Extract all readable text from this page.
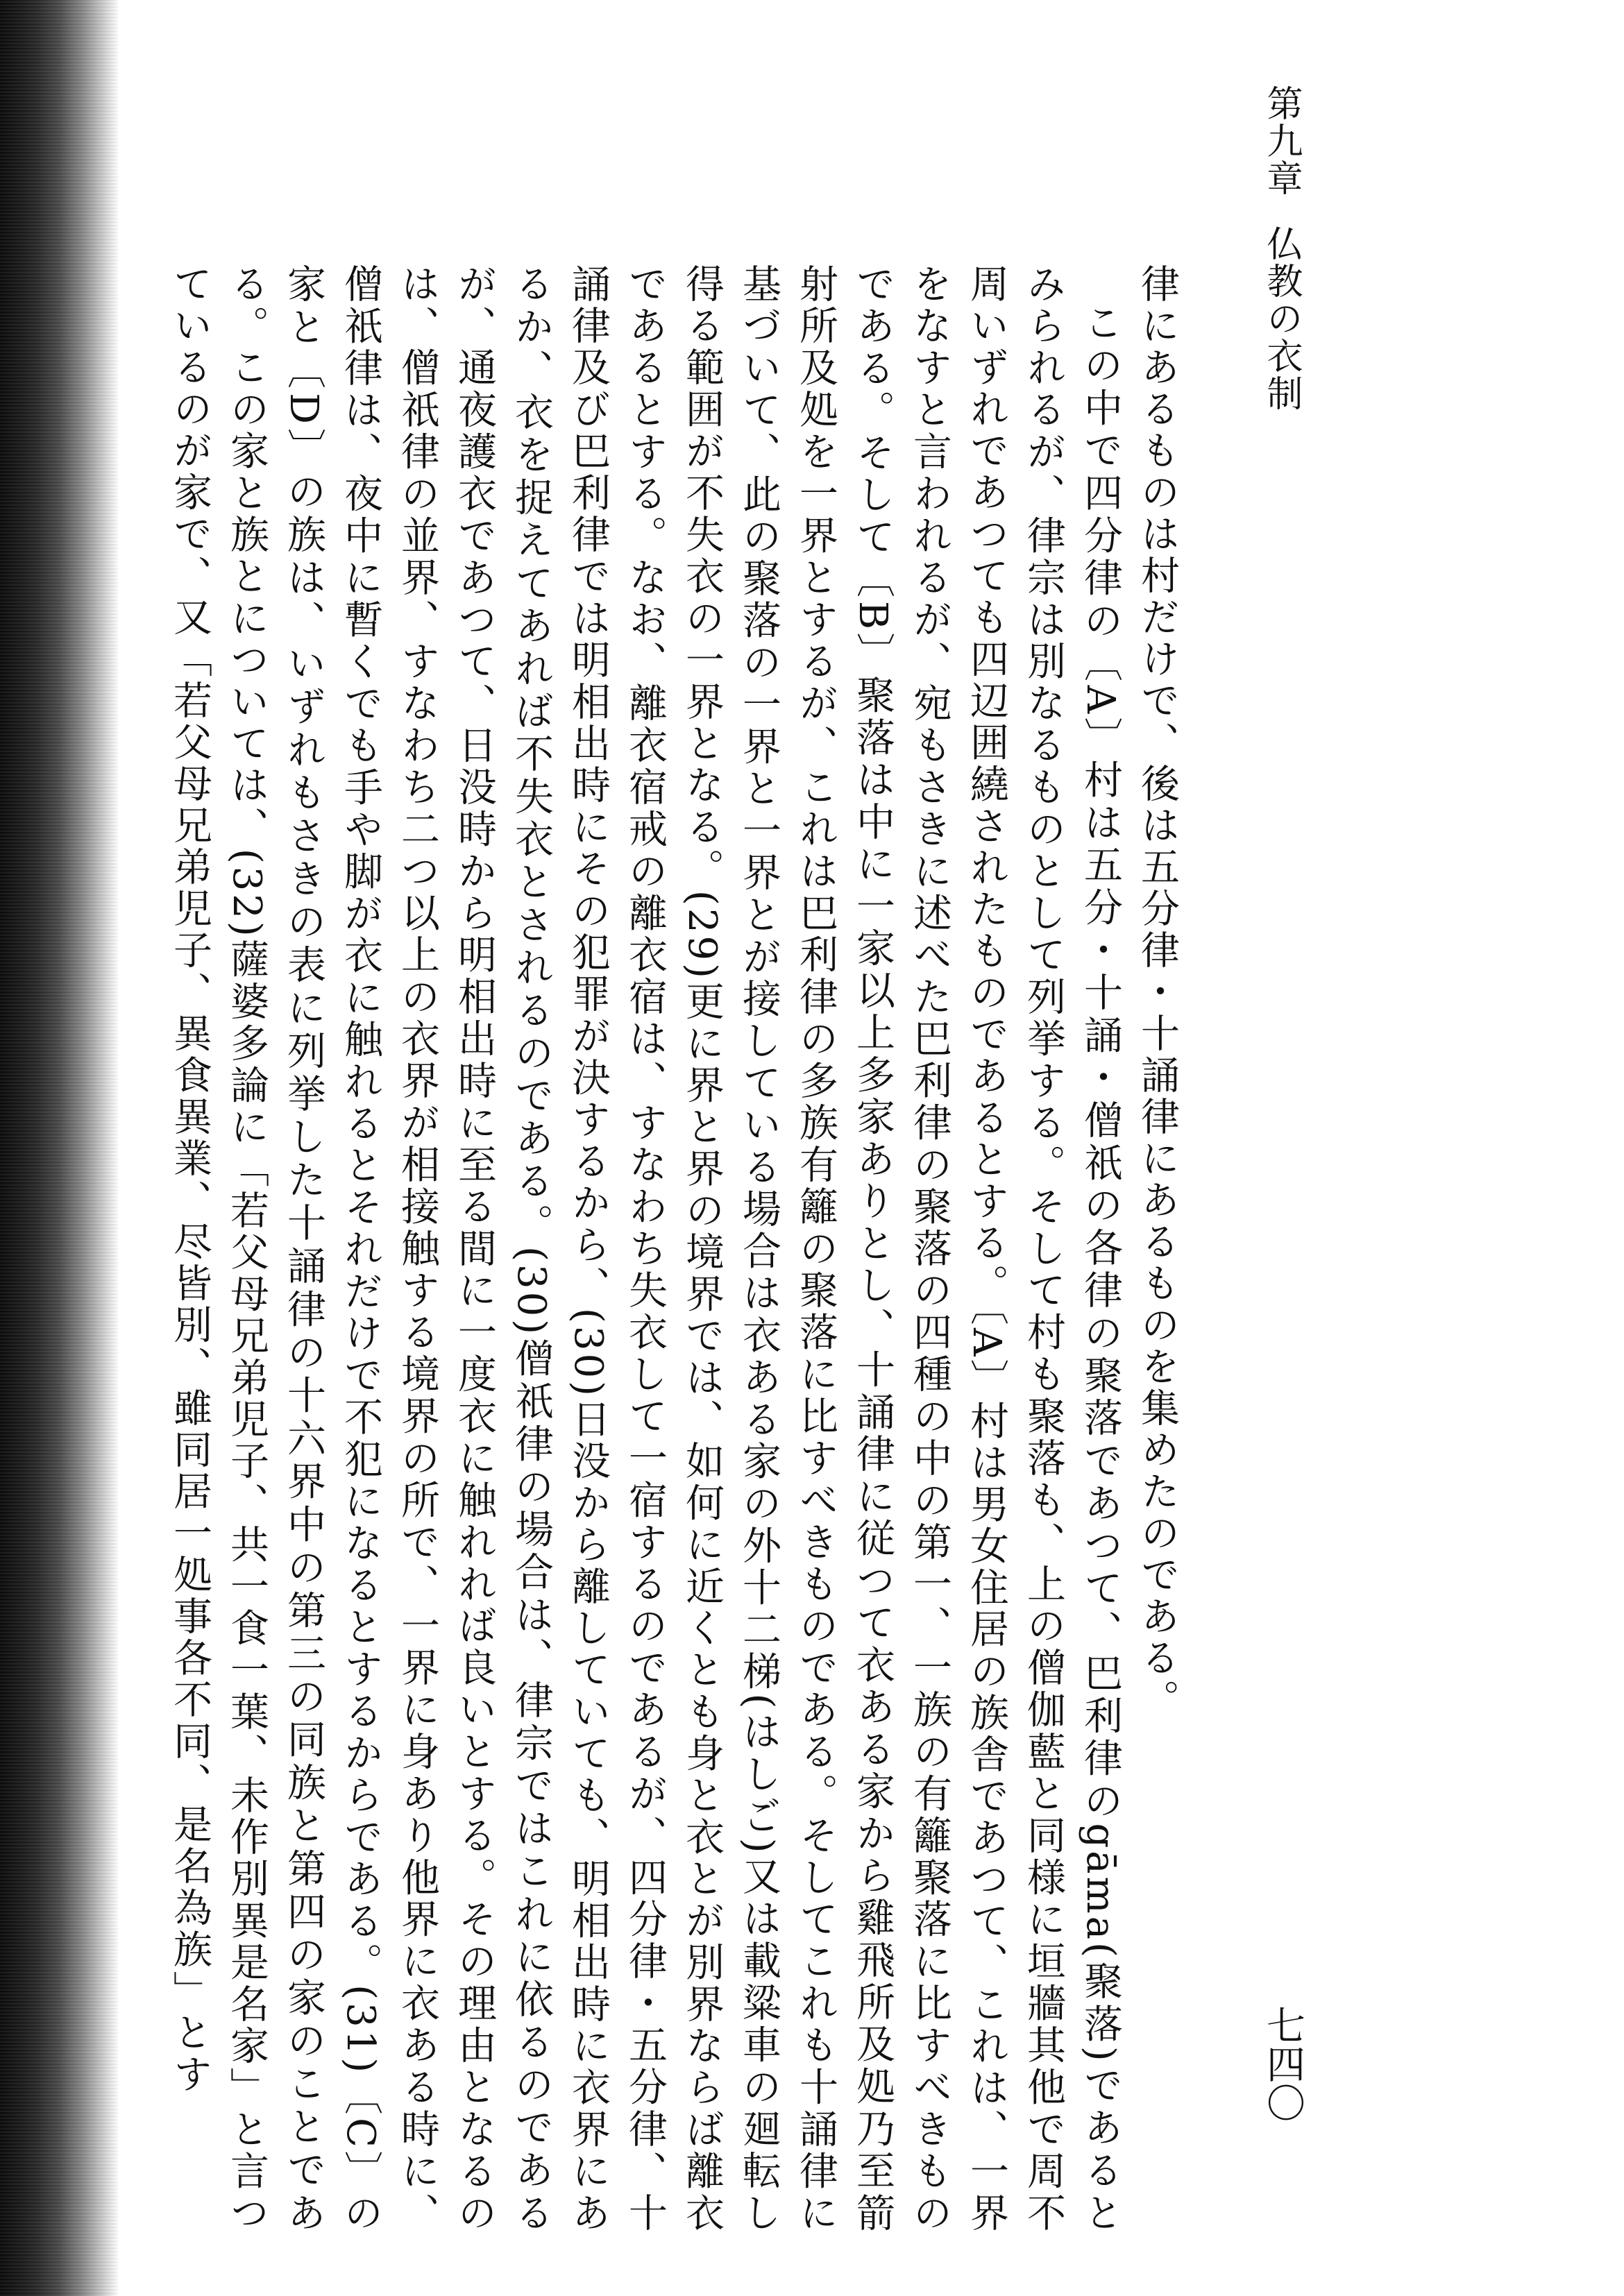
第九章仏教の衣制
七四〇

律にあるものは村だけで、後は五分律・十誦律にあるものを集めたのである。

この中で四分律の〔A〕村は五分・十誦・僧祇の各律の聚落であつて、巴利律のgāma(聚落)であるとみられるが、律宗は別なるものとして列挙する。そして村も聚落も、上の僧伽藍と同様に垣牆其他で周不周いずれであつても四辺囲繞されたものであるとする。〔A〕村は男女住居の族舎であつて、これは、一界をなすと言われるが、宛もさきに述べた巴利律の聚落の四種の中の第一、一族の有籬聚落に比すべきものである。そして〔B〕聚落は中に一家以上多家ありとし、十誦律に従つて衣ある家から雞飛所及処乃至箭射所及処を一界とするが、これは巴利律の多族有籬の聚落に比すべきものである。そしてこれも十誦律に基づいて、此の聚落の一界と一界とが接している場合は衣ある家の外十二梯(はしご)又は載粱車の廻転し得る範囲が不失衣の一界となる。(29)更に界と界の境界では、如何に近くとも身と衣とが別界ならば離衣であるとする。なお、離衣宿戒の離衣宿は、すなわち失衣して一宿するのであるが、四分律・五分律、十誦律及び巴利律では明相出時にその犯罪が決するから、(30)日没から離していても、明相出時に衣界にあるか、衣を捉えてあれば不失衣とされるのである。(30)僧祇律の場合は、律宗ではこれに依るのであるが、通夜護衣であつて、日没時から明相出時に至る間に一度衣に触れれば良いとする。その理由となるのは、僧祇律の並界、すなわち二つ以上の衣界が相接触する境界の所で、一界に身あり他界に衣ある時に、僧祇律は、夜中に暫くでも手や脚が衣に触れるとそれだけで不犯になるとするからである。(31)〔C〕の家と〔D〕の族は、いずれもさきの表に列挙した十誦律の十六界中の第三の同族と第四の家のことである。この家と族とについては、(32)薩婆多論に「若父母兄弟児子、共一食一葉、未作別異是名家」と言つているのが家で、又「若父母兄弟児子、異食異業、尽皆別、雖同居一処事各不同、是名為族」とす
